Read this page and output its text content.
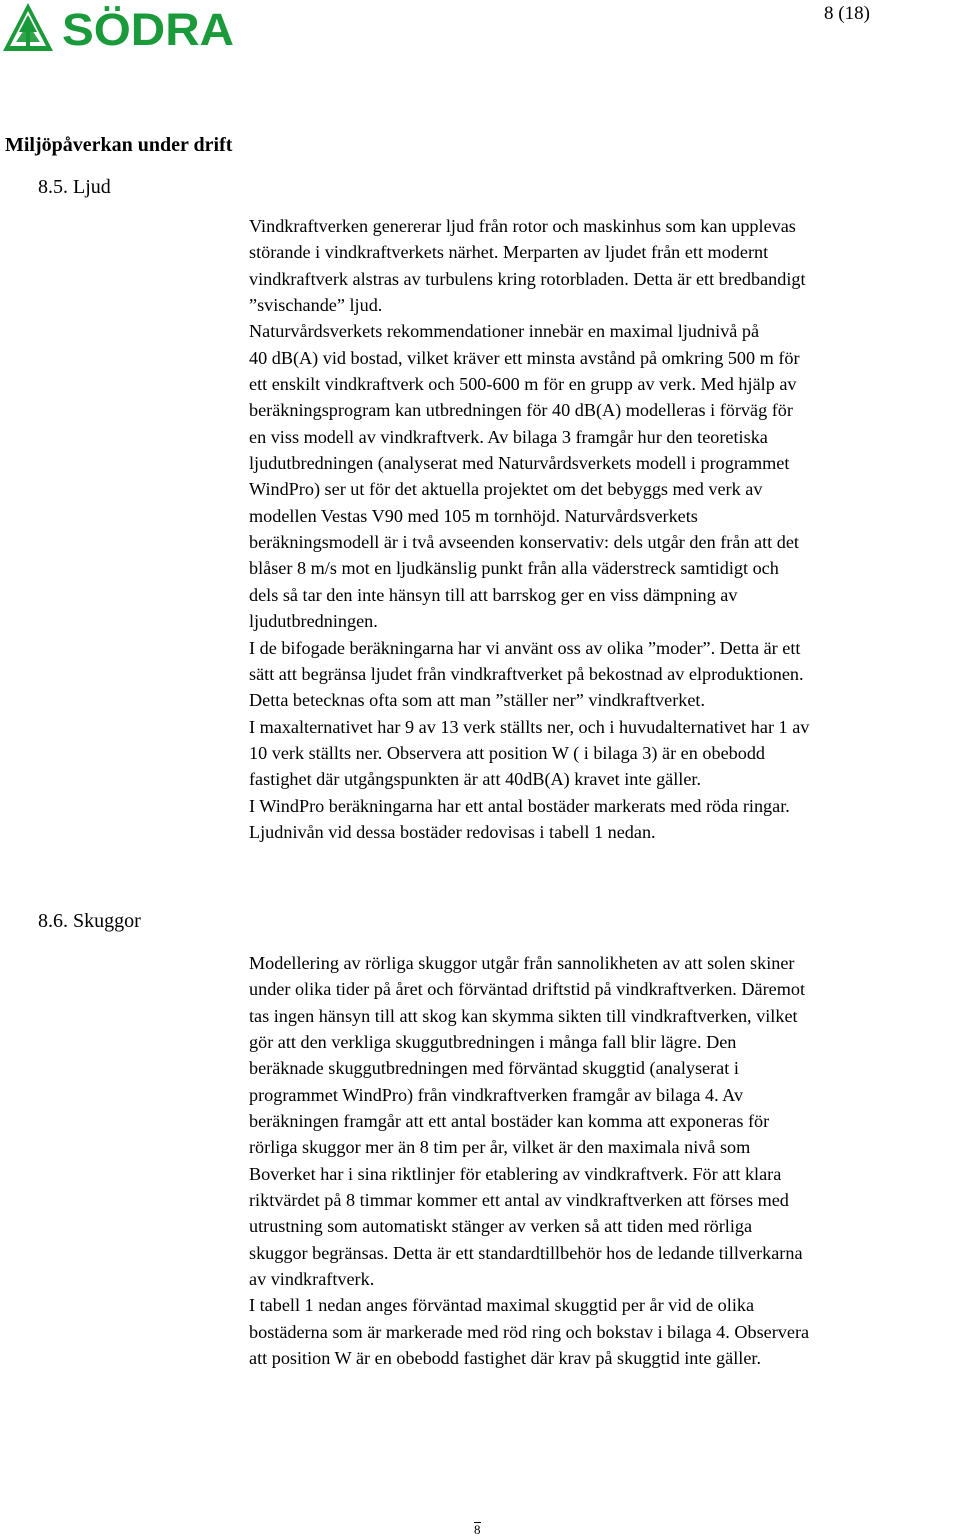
SÖDRA	8 (18)
Miljöpåverkan under drift
8.5. Ljud
Vindkraftverken genererar ljud från rotor och maskinhus som kan upplevas
störande i vindkraftverkets närhet. Merparten av ljudet från ett modernt
vindkraftverk alstras av turbulens kring rotorbladen. Detta är ett bredbandigt
”svischande” ljud.
Naturvårdsverkets rekommendationer innebär en maximal ljudnivå på
40 dB(A) vid bostad, vilket kräver ett minsta avstånd på omkring 500 m för
ett enskilt vindkraftverk och 500-600 m för en grupp av verk. Med hjälp av
beräkningsprogram kan utbredningen för 40 dB(A) modelleras i förväg för
en viss modell av vindkraftverk. Av bilaga 3 framgår hur den teoretiska
ljudutbredningen (analyserat med Naturvårdsverkets modell i programmet
WindPro) ser ut för det aktuella projektet om det bebyggs med verk av
modellen Vestas V90 med 105 m tornhöjd. Naturvårdsverkets
beräkningsmodell är i två avseenden konservativ: dels utgår den från att det
blåser 8 m/s mot en ljudkänslig punkt från alla väderstreck samtidigt och
dels så tar den inte hänsyn till att barrskog ger en viss dämpning av
ljudutbredningen.
I de bifogade beräkningarna har vi använt oss av olika ”moder”. Detta är ett
sätt att begränsa ljudet från vindkraftverket på bekostnad av elproduktionen.
Detta betecknas ofta som att man ”ställer ner” vindkraftverket.
I maxalternativet har 9 av 13 verk ställts ner, och i huvudalternativet har 1 av
10 verk ställts ner. Observera att position W ( i bilaga 3) är en obebodd
fastighet där utgångspunkten är att 40dB(A) kravet inte gäller.
I WindPro beräkningarna har ett antal bostäder markerats med röda ringar.
Ljudnivån vid dessa bostäder redovisas i tabell 1 nedan.
8.6. Skuggor
Modellering av rörliga skuggor utgår från sannolikheten av att solen skiner
under olika tider på året och förväntad driftstid på vindkraftverken. Däremot
tas ingen hänsyn till att skog kan skymma sikten till vindkraftverken, vilket
gör att den verkliga skuggutbredningen i många fall blir lägre. Den
beräknade skuggutbredningen med förväntad skuggtid (analyserat i
programmet WindPro) från vindkraftverken framgår av bilaga 4. Av
beräkningen framgår att ett antal bostäder kan komma att exponeras för
rörliga skuggor mer än 8 tim per år, vilket är den maximala nivå som
Boverket har i sina riktlinjer för etablering av vindkraftverk. För att klara
riktvärdet på 8 timmar kommer ett antal av vindkraftverken att förses med
utrustning som automatiskt stänger av verken så att tiden med rörliga
skuggor begränsas. Detta är ett standardtillbehör hos de ledande tillverkarna
av vindkraftverk.
I tabell 1 nedan anges förväntad maximal skuggtid per år vid de olika
bostäderna som är markerade med röd ring och bokstav i bilaga 4. Observera
att position W är en obebodd fastighet där krav på skuggtid inte gäller.
8
